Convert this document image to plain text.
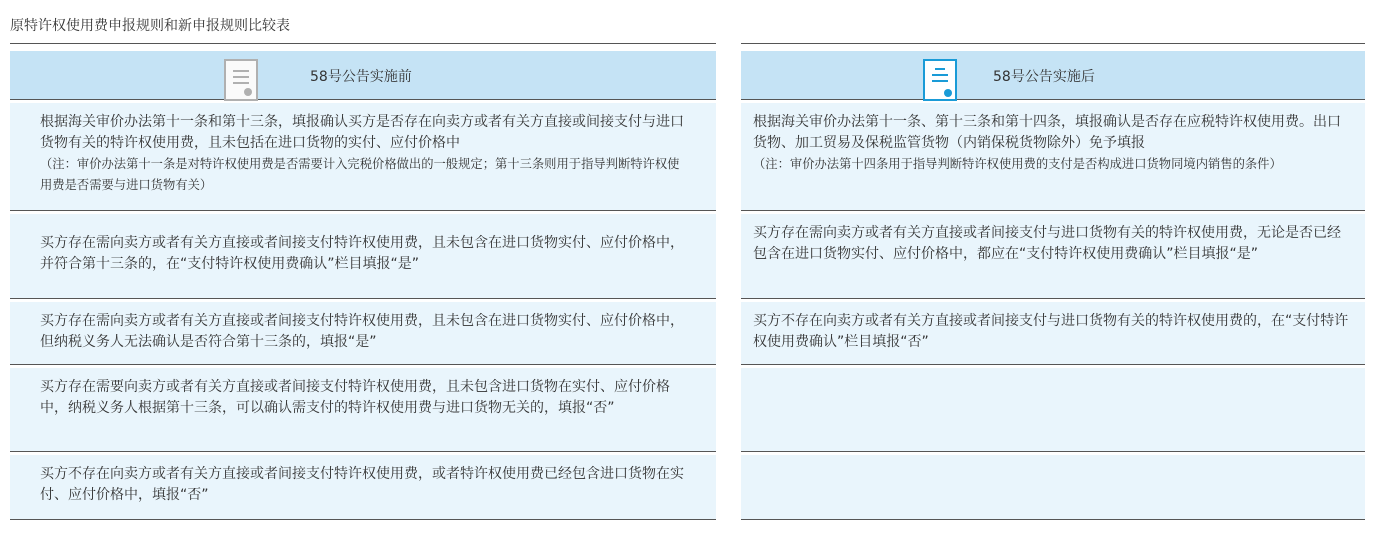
原特许权使用费申报规则和新申报规则比较表
58号公告实施前
根据海关审价办法第十一条和第十三条，填报确认买方是否存在向卖方或者有关方直接或间接支付与进口货物有关的特许权使用费，且未包括在进口货物的实付、应付价格中
（注：审价办法第十一条是对特许权使用费是否需要计入完税价格做出的一般规定；第十三条则用于指导判断特许权使用费是否需要与进口货物有关）
买方存在需向卖方或者有关方直接或者间接支付特许权使用费，且未包含在进口货物实付、应付价格中，并符合第十三条的，在“支付特许权使用费确认”栏目填报“是”
买方存在需向卖方或者有关方直接或者间接支付特许权使用费，且未包含在进口货物实付、应付价格中，但纳税义务人无法确认是否符合第十三条的，填报“是”
买方存在需要向卖方或者有关方直接或者间接支付特许权使用费，且未包含进口货物在实付、应付价格中，纳税义务人根据第十三条，可以确认需支付的特许权使用费与进口货物无关的，填报“否”
买方不存在向卖方或者有关方直接或者间接支付特许权使用费，或者特许权使用费已经包含进口货物在实付、应付价格中，填报“否”
58号公告实施后
根据海关审价办法第十一条、第十三条和第十四条，填报确认是否存在应税特许权使用费。出口货物、加工贸易及保税监管货物（内销保税货物除外）免予填报
（注：审价办法第十四条用于指导判断特许权使用费的支付是否构成进口货物同境内销售的条件）
买方存在需向卖方或者有关方直接或者间接支付与进口货物有关的特许权使用费，无论是否已经包含在进口货物实付、应付价格中，都应在“支付特许权使用费确认”栏目填报“是”
买方不存在向卖方或者有关方直接或者间接支付与进口货物有关的特许权使用费的，在“支付特许权使用费确认”栏目填报“否”
